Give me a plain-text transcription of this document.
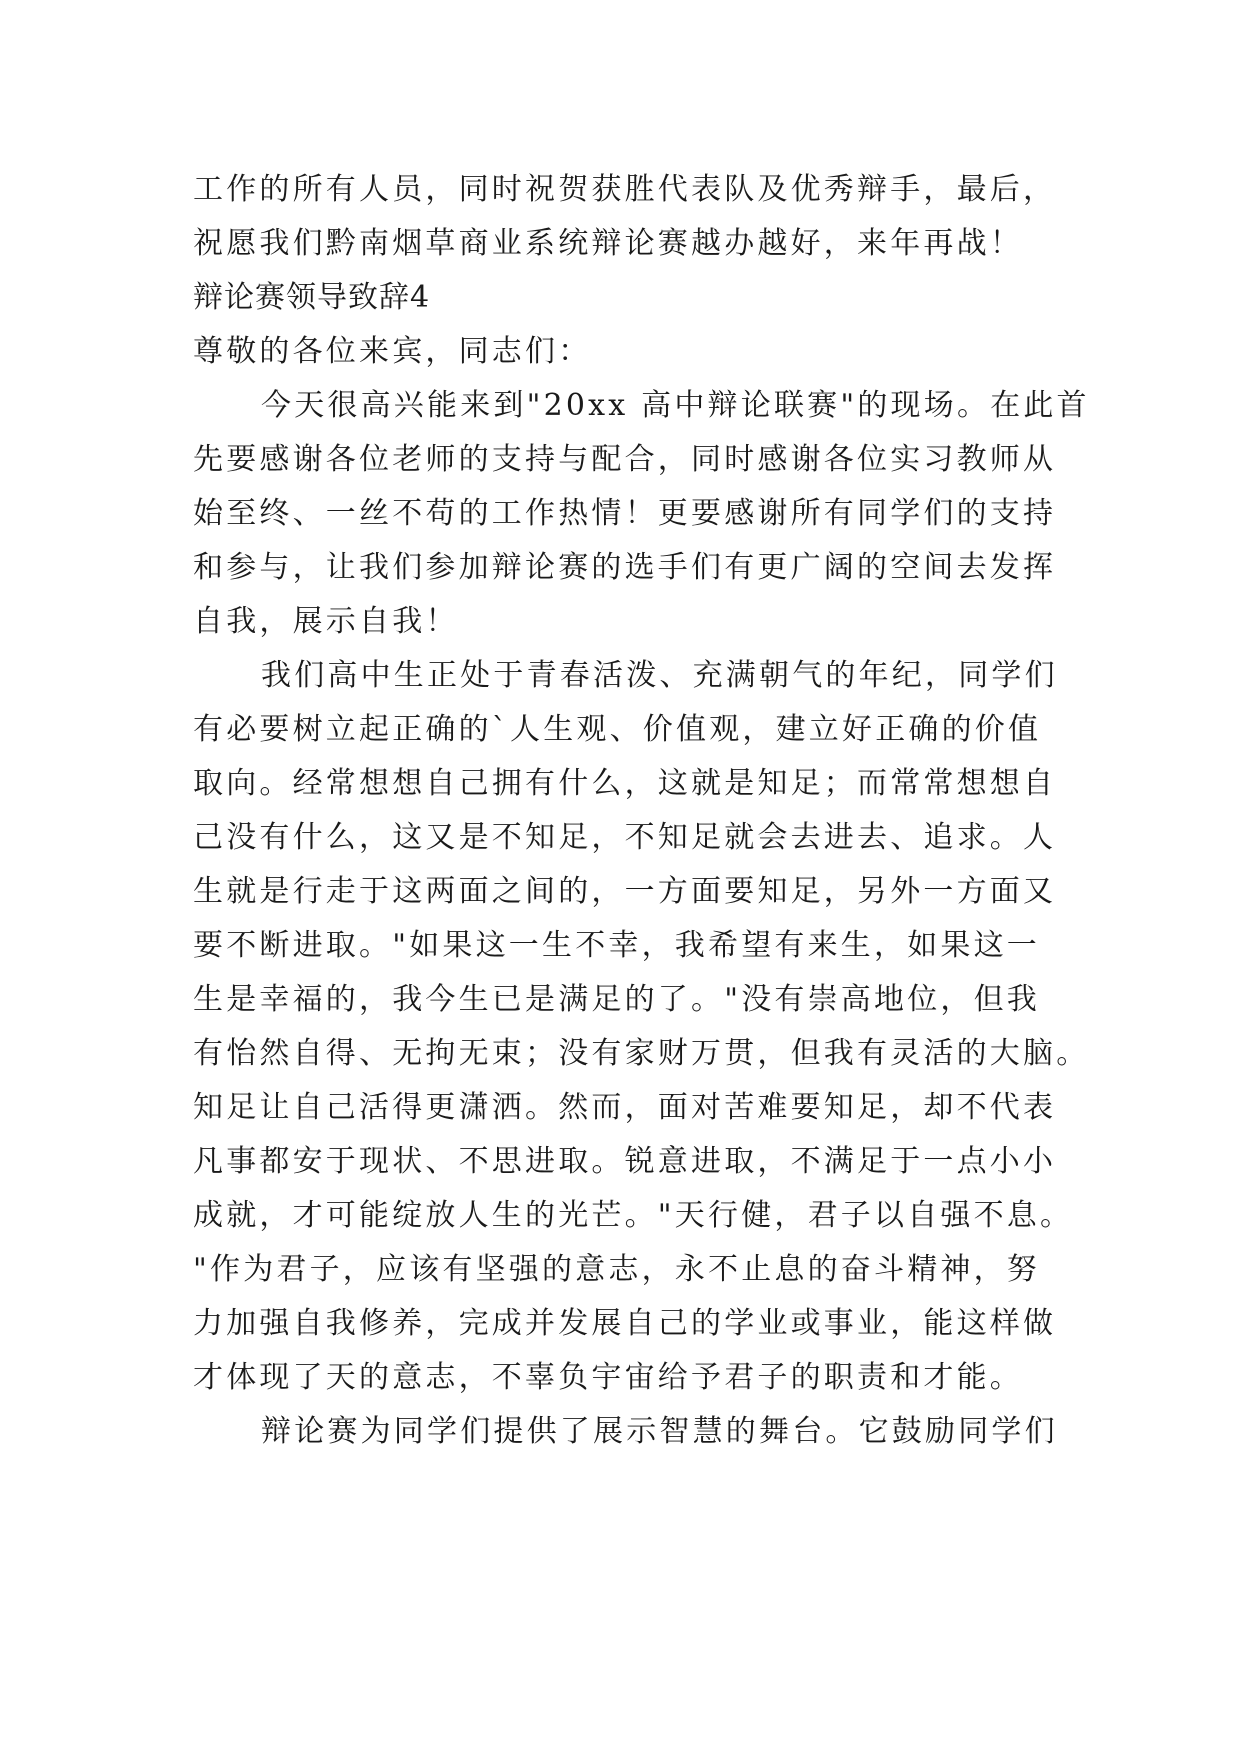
工作的所有人员，同时祝贺获胜代表队及优秀辩手，最后，
祝愿我们黔南烟草商业系统辩论赛越办越好，来年再战！
辩论赛领导致辞4
尊敬的各位来宾，同志们：
今天很高兴能来到"20xx 高中辩论联赛"的现场。在此首
先要感谢各位老师的支持与配合，同时感谢各位实习教师从
始至终、一丝不苟的工作热情！更要感谢所有同学们的支持
和参与，让我们参加辩论赛的选手们有更广阔的空间去发挥
自我，展示自我！
我们高中生正处于青春活泼、充满朝气的年纪，同学们
有必要树立起正确的`人生观、价值观，建立好正确的价值
取向。经常想想自己拥有什么，这就是知足；而常常想想自
己没有什么，这又是不知足，不知足就会去进去、追求。人
生就是行走于这两面之间的，一方面要知足，另外一方面又
要不断进取。"如果这一生不幸，我希望有来生，如果这一
生是幸福的，我今生已是满足的了。"没有崇高地位，但我
有怡然自得、无拘无束；没有家财万贯，但我有灵活的大脑。
知足让自己活得更潇洒。然而，面对苦难要知足，却不代表
凡事都安于现状、不思进取。锐意进取，不满足于一点小小
成就，才可能绽放人生的光芒。"天行健，君子以自强不息。
"作为君子，应该有坚强的意志，永不止息的奋斗精神，努
力加强自我修养，完成并发展自己的学业或事业，能这样做
才体现了天的意志，不辜负宇宙给予君子的职责和才能。
辩论赛为同学们提供了展示智慧的舞台。它鼓励同学们
